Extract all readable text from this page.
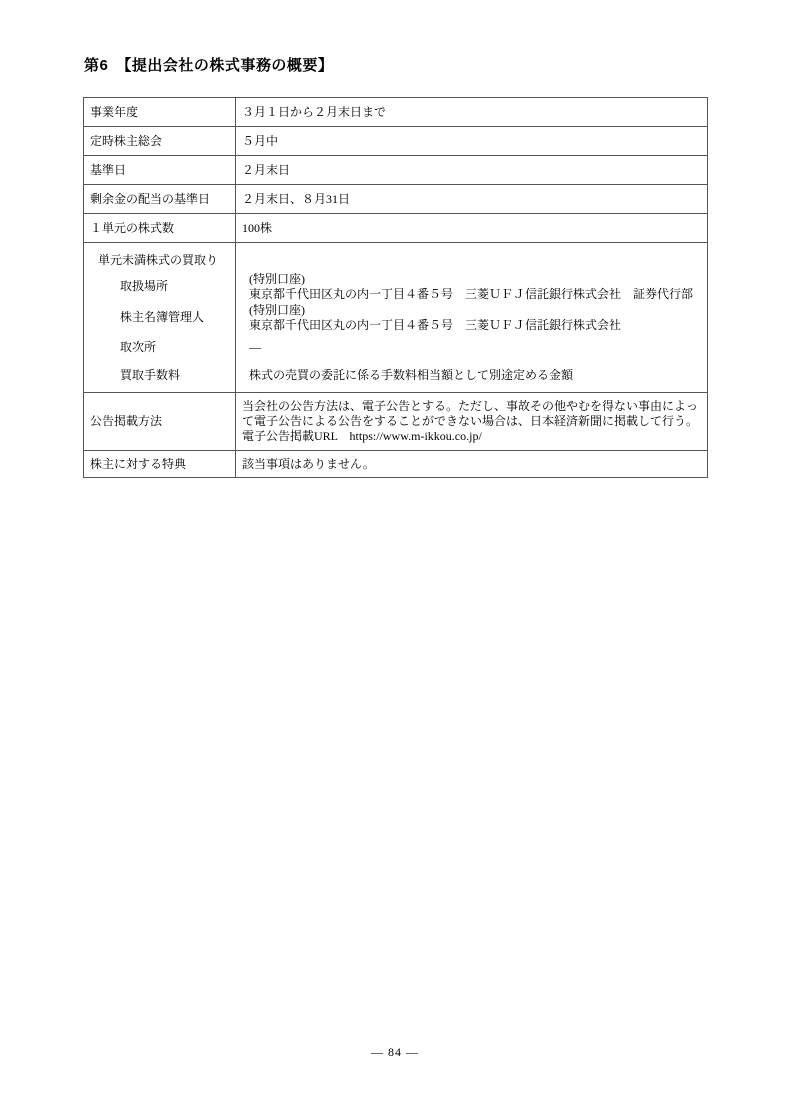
第6　【提出会社の株式事務の概要】
事業年度	３月１日から２月末日まで
定時株主総会	５月中
基準日	２月末日
剰余金の配当の基準日	２月末日、８月31日
１単元の株式数	100株

単元未満株式の買取り
取扱場所	(特別口座)
東京都千代田区丸の内一丁目４番５号　三菱ＵＦＪ信託銀行株式会社　証券代行部
株主名簿管理人	(特別口座)
東京都千代田区丸の内一丁目４番５号　三菱ＵＦＪ信託銀行株式会社
取次所	―
買取手数料	株式の売買の委託に係る手数料相当額として別途定める金額

公告掲載方法	当会社の公告方法は、電子公告とする。ただし、事故その他やむを得ない事由によって電子公告による公告をすることができない場合は、日本経済新聞に掲載して行う。
電子公告掲載URL　https://www.m-ikkou.co.jp/

株主に対する特典	該当事項はありません。
― 84 ―
